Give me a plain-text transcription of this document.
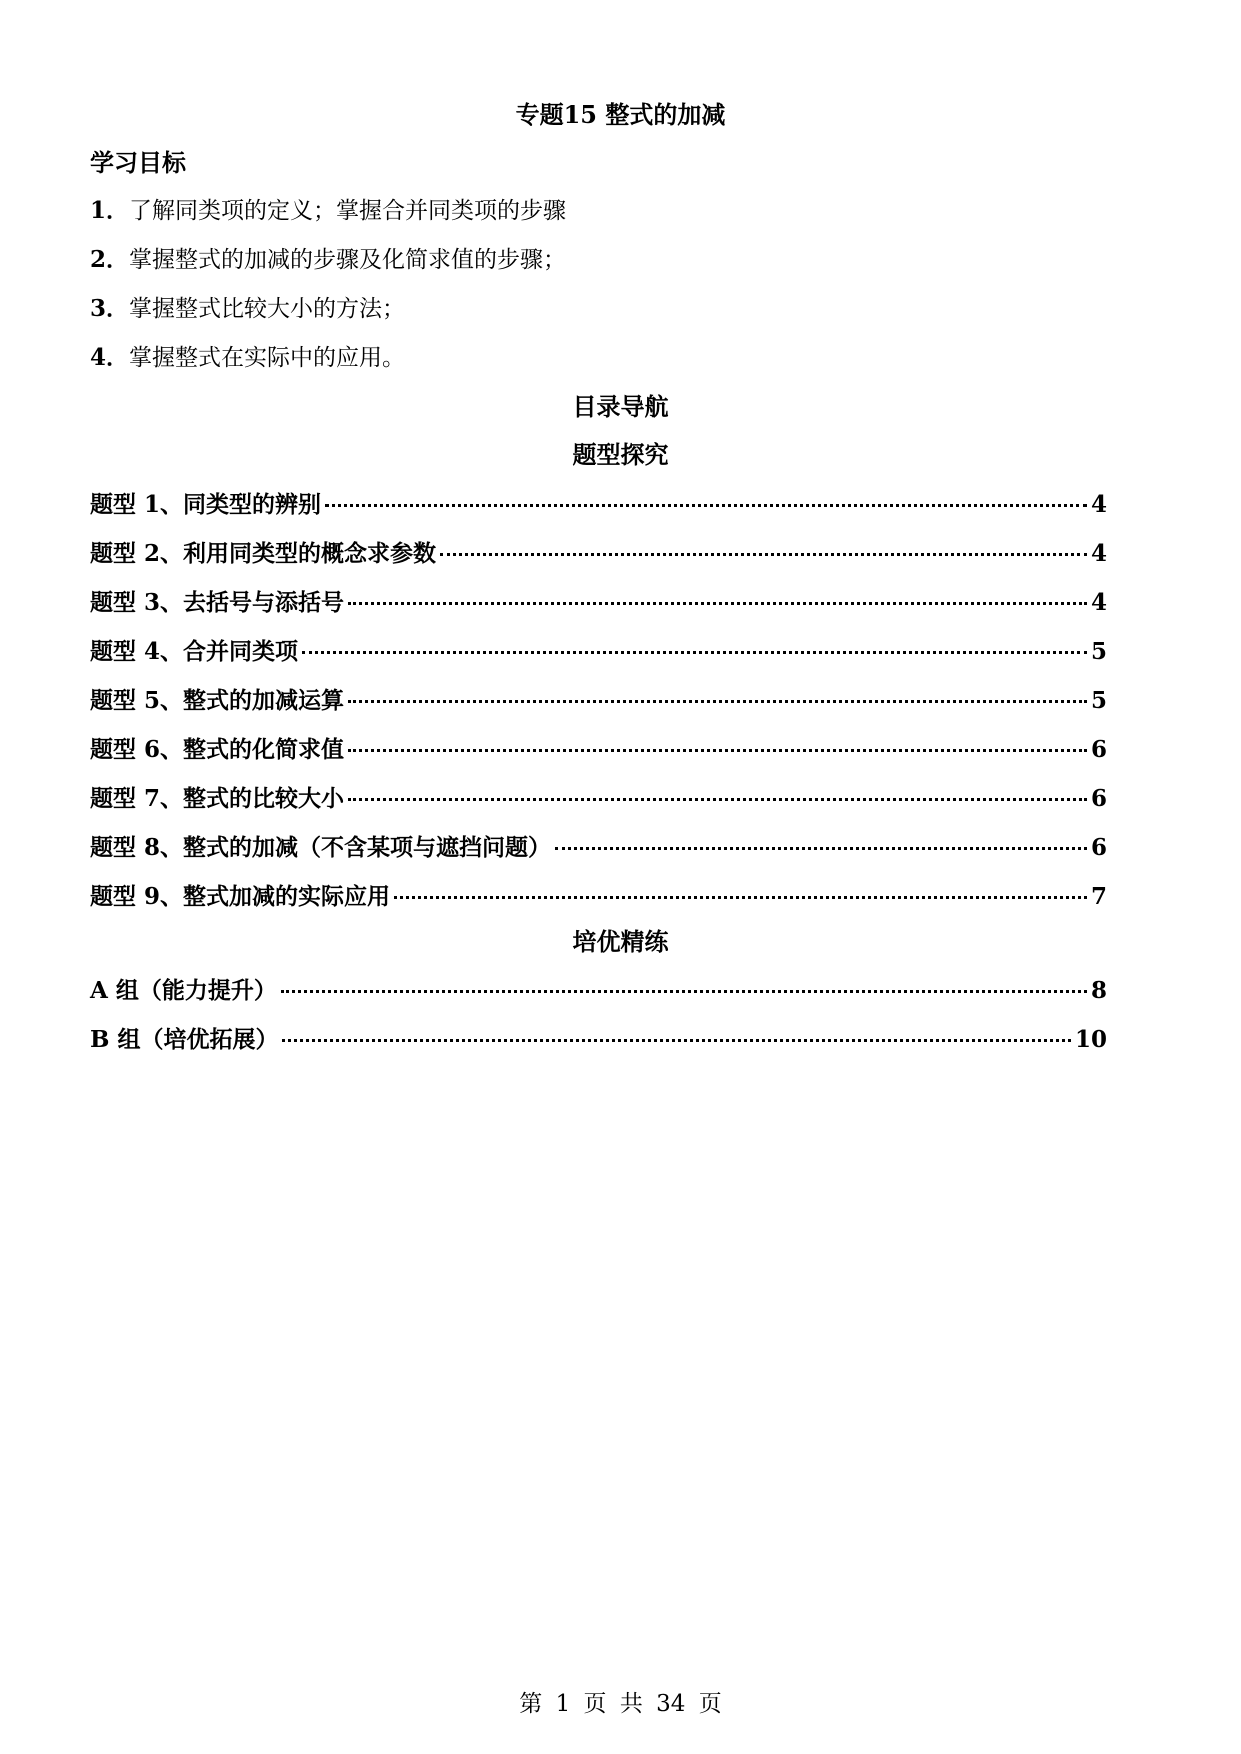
专题15 整式的加减
学习目标
1．了解同类项的定义；掌握合并同类项的步骤
2．掌握整式的加减的步骤及化简求值的步骤；
3．掌握整式比较大小的方法；
4．掌握整式在实际中的应用。
目录导航
题型探究
题型 1、同类型的辨别	4
题型 2、利用同类型的概念求参数	4
题型 3、去括号与添括号	4
题型 4、合并同类项	5
题型 5、整式的加减运算	5
题型 6、整式的化简求值	6
题型 7、整式的比较大小	6
题型 8、整式的加减（不含某项与遮挡问题）	6
题型 9、整式加减的实际应用	7
培优精练
A 组（能力提升）	8
B 组（培优拓展）	10
第 1 页 共 34 页
